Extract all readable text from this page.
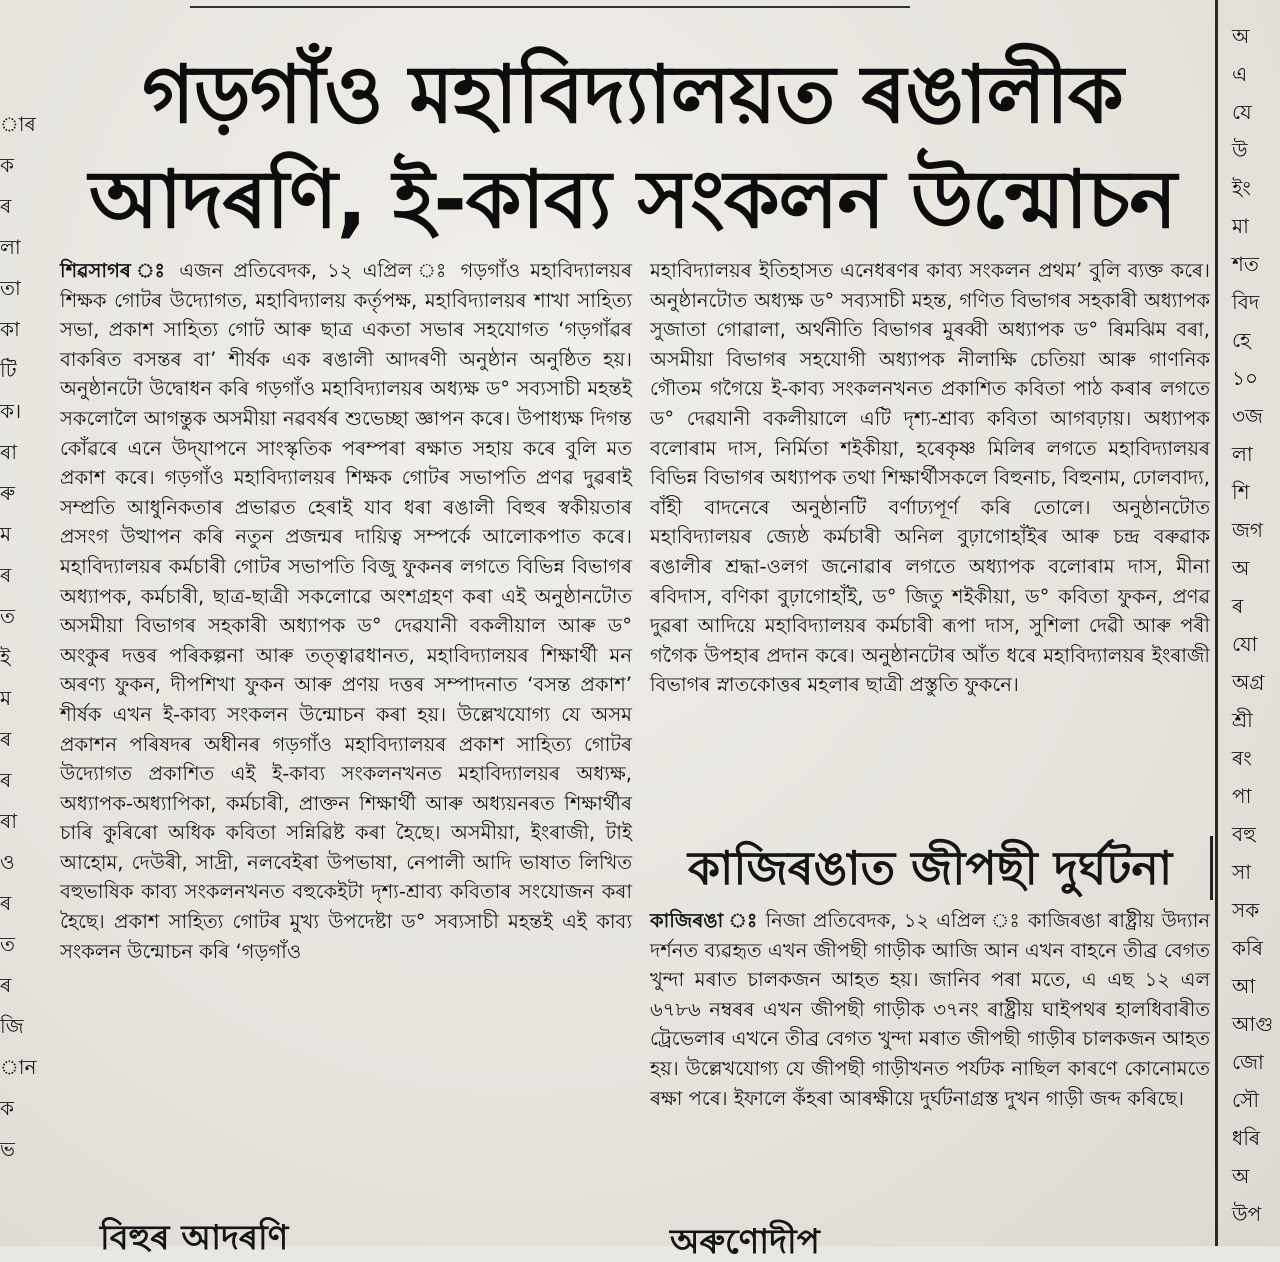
াৰ
ক
ৰ
লা
তা
কা
টি
ক।
ৰা
ৰু
ম
ৰ
ত
ই
ম
ৰ
ৰ
ৰা
ও
ৰ
ত
ৰ
জি
ান
ক
ভ
অ
এ
যে
উ
ইং
মা
শত
বিদ
হে
১০
৩জ
লা
শি
জগ
অ
ৰ
যো
অগ্ৰ
শ্ৰী
ৰং
পা
বহু
সা
সক
কৰি
আ
আগু
জো
সৌ
ধৰি
অ
উপ
গড়গাঁও মহাবিদ্যালয়ত ৰঙালীক
আদৰণি, ই-কাব্য সংকলন উন্মোচন

শিৱসাগৰ ঃ এজন প্ৰতিবেদক, ১২ এপ্ৰিল ঃ গড়গাঁও মহাবিদ্যালয়ৰ শিক্ষক গোটৰ উদ্যোগত, মহাবিদ্যালয় কৰ্তৃপক্ষ, মহাবিদ্যালয়ৰ শাখা সাহিত্য সভা, প্ৰকাশ সাহিত্য গোট আৰু ছাত্ৰ একতা সভাৰ সহযোগত ‘গড়গাঁৱৰ বাকৰিত বসন্তৰ বা’ শীৰ্ষক এক ৰঙালী আদৰণী অনুষ্ঠান অনুষ্ঠিত হয়। অনুষ্ঠানটো উদ্বোধন কৰি গড়গাঁও মহাবিদ্যালয়ৰ অধ্যক্ষ ড° সব্যসাচী মহন্তই সকলোলৈ আগন্তুক অসমীয়া নৱবৰ্ষৰ শুভেচ্ছা জ্ঞাপন কৰে। উপাধ্যক্ষ দিগন্ত কোঁৱৰে এনে উদ্‌যাপনে সাংস্কৃতিক পৰম্পৰা ৰক্ষাত সহায় কৰে বুলি মত প্ৰকাশ কৰে। গড়গাঁও মহাবিদ্যালয়ৰ শিক্ষক গোটৰ সভাপতি প্ৰণৱ দুৱৰাই সম্প্ৰতি আধুনিকতাৰ প্ৰভাৱত হেৰাই যাব ধৰা ৰঙালী বিহুৰ স্বকীয়তাৰ প্ৰসংগ উত্থাপন কৰি নতুন প্ৰজন্মৰ দায়িত্ব সম্পৰ্কে আলোকপাত কৰে। মহাবিদ্যালয়ৰ কৰ্মচাৰী গোটৰ সভাপতি বিজু ফুকনৰ লগতে বিভিন্ন বিভাগৰ অধ্যাপক, কৰ্মচাৰী, ছাত্ৰ-ছাত্ৰী সকলোৱে অংশগ্ৰহণ কৰা এই অনুষ্ঠানটোত অসমীয়া বিভাগৰ সহকাৰী অধ্যাপক ড° দেৱযানী বকলীয়াল আৰু ড° অংকুৰ দত্তৰ পৰিকল্পনা আৰু তত্ত্বাৱধানত, মহাবিদ্যালয়ৰ শিক্ষাৰ্থী মন অৰণ্য ফুকন, দীপশিখা ফুকন আৰু প্ৰণয় দত্তৰ সম্পাদনাত ‘বসন্ত প্ৰকাশ’ শীৰ্ষক এখন ই-কাব্য সংকলন উন্মোচন কৰা হয়। উল্লেখযোগ্য যে অসম প্ৰকাশন পৰিষদৰ অধীনৰ গড়গাঁও মহাবিদ্যালয়ৰ প্ৰকাশ সাহিত্য গোটৰ উদ্যোগত প্ৰকাশিত এই ই-কাব্য সংকলনখনত মহাবিদ্যালয়ৰ অধ্যক্ষ, অধ্যাপক-অধ্যাপিকা, কৰ্মচাৰী, প্ৰাক্তন শিক্ষাৰ্থী আৰু অধ্যয়নৰত শিক্ষাৰ্থীৰ চাৰি কুৰিৰো অধিক কবিতা সন্নিৱিষ্ট কৰা হৈছে। অসমীয়া, ইংৰাজী, টাই আহোম, দেউৰী, সাদ্ৰী, নলবেইৰা উপভাষা, নেপালী আদি ভাষাত লিখিত বহুভাষিক কাব্য সংকলনখনত বহুকেইটা দৃশ্য-শ্ৰাব্য কবিতাৰ সংযোজন কৰা হৈছে। প্ৰকাশ সাহিত্য গোটৰ মুখ্য উপদেষ্টা ড° সব্যসাচী মহন্তই এই কাব্য সংকলন উন্মোচন কৰি ‘গড়গাঁও

মহাবিদ্যালয়ৰ ইতিহাসত এনেধৰণৰ কাব্য সংকলন প্ৰথম’ বুলি ব্যক্ত কৰে। অনুষ্ঠানটোত অধ্যক্ষ ড° সব্যসাচী মহন্ত, গণিত বিভাগৰ সহকাৰী অধ্যাপক সুজাতা গোৱালা, অৰ্থনীতি বিভাগৰ মুৰব্বী অধ্যাপক ড° ৰিমঝিম বৰা, অসমীয়া বিভাগৰ সহযোগী অধ্যাপক নীলাক্ষি চেতিয়া আৰু গাণনিক গৌতম গগৈয়ে ই-কাব্য সংকলনখনত প্ৰকাশিত কবিতা পাঠ কৰাৰ লগতে ড° দেৱযানী বকলীয়ালে এটি দৃশ্য-শ্ৰাব্য কবিতা আগবঢ়ায়। অধ্যাপক বলোৰাম দাস, নিৰ্মিতা শইকীয়া, হৰেকৃষ্ণ মিলিৰ লগতে মহাবিদ্যালয়ৰ বিভিন্ন বিভাগৰ অধ্যাপক তথা শিক্ষাৰ্থীসকলে বিহুনাচ, বিহুনাম, ঢোলবাদ্য, বাঁহী বাদনেৰে অনুষ্ঠানটি বৰ্ণাঢ্যপূৰ্ণ কৰি তোলে। অনুষ্ঠানটোত মহাবিদ্যালয়ৰ জ্যেষ্ঠ কৰ্মচাৰী অনিল বুঢ়াগোহাঁইৰ আৰু চন্দ্ৰ বৰুৱাক ৰঙালীৰ শ্ৰদ্ধা-ওলগ জনোৱাৰ লগতে অধ্যাপক বলোৰাম দাস, মীনা ৰবিদাস, বণিকা বুঢ়াগোহাঁই, ড° জিতু শইকীয়া, ড° কবিতা ফুকন, প্ৰণৱ দুৱৰা আদিয়ে মহাবিদ্যালয়ৰ কৰ্মচাৰী ৰূপা দাস, সুশিলা দেৱী আৰু পৰী গগৈক উপহাৰ প্ৰদান কৰে। অনুষ্ঠানটোৰ আঁত ধৰে মহাবিদ্যালয়ৰ ইংৰাজী বিভাগৰ স্নাতকোত্তৰ মহলাৰ ছাত্ৰী প্ৰস্তুতি ফুকনে।

কাজিৰঙাত জীপছী দুৰ্ঘটনা

কাজিৰঙা ঃ নিজা প্ৰতিবেদক, ১২ এপ্ৰিল ঃ কাজিৰঙা ৰাষ্ট্ৰীয় উদ্যান দৰ্শনত ব্যৱহৃত এখন জীপছী গাড়ীক আজি আন এখন বাহনে তীব্ৰ বেগত খুন্দা মৰাত চালকজন আহত হয়। জানিব পৰা মতে, এ এছ ১২ এল ৬৭৮৬ নম্বৰৰ এখন জীপছী গাড়ীক ৩৭নং ৰাষ্ট্ৰীয় ঘাইপথৰ হালধিবাৰীত ট্ৰেভেলাৰ এখনে তীব্ৰ বেগত খুন্দা মৰাত জীপছী গাড়ীৰ চালকজন আহত হয়। উল্লেখযোগ্য যে জীপছী গাড়ীখনত পৰ্যটক নাছিল কাৰণে কোনোমতে ৰক্ষা পৰে। ইফালে কঁহৰা আৰক্ষীয়ে দুৰ্ঘটনাগ্ৰস্ত দুখন গাড়ী জব্দ কৰিছে।

বিহুৰ আদৰণি	অৰুণোদীপ
